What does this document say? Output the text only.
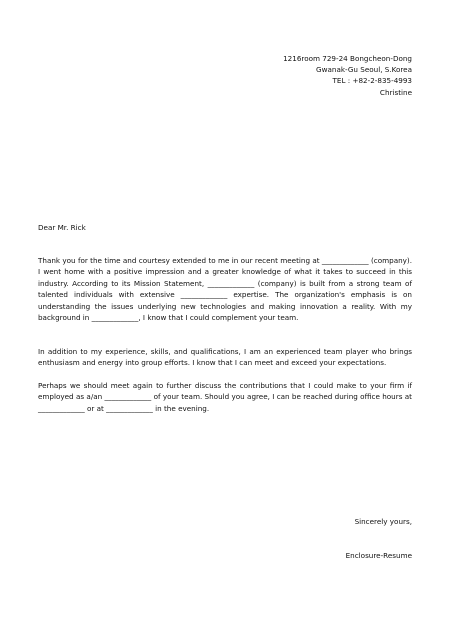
1216room 729-24 Bongcheon-Dong
Gwanak-Gu Seoul, S.Korea
TEL : +82-2-835-4993
Christine
Dear Mr. Rick
Thank you for the time and courtesy extended to me in our recent meeting at _____________ (company). I went home with a positive impression and a greater knowledge of what it takes to succeed in this industry. According to its Mission Statement, _____________ (company) is built from a strong team of talented individuals with extensive _____________ expertise. The organization's emphasis is on understanding the issues underlying new technologies and making innovation a reality. With my background in _____________, I know that I could complement your team.
In addition to my experience, skills, and qualifications, I am an experienced team player who brings enthusiasm and energy into group efforts. I know that I can meet and exceed your expectations.
Perhaps we should meet again to further discuss the contributions that I could make to your firm if employed as a/an _____________ of your team. Should you agree, I can be reached during office hours at _____________ or at _____________ in the evening.
Sincerely yours,
Enclosure-Resume
